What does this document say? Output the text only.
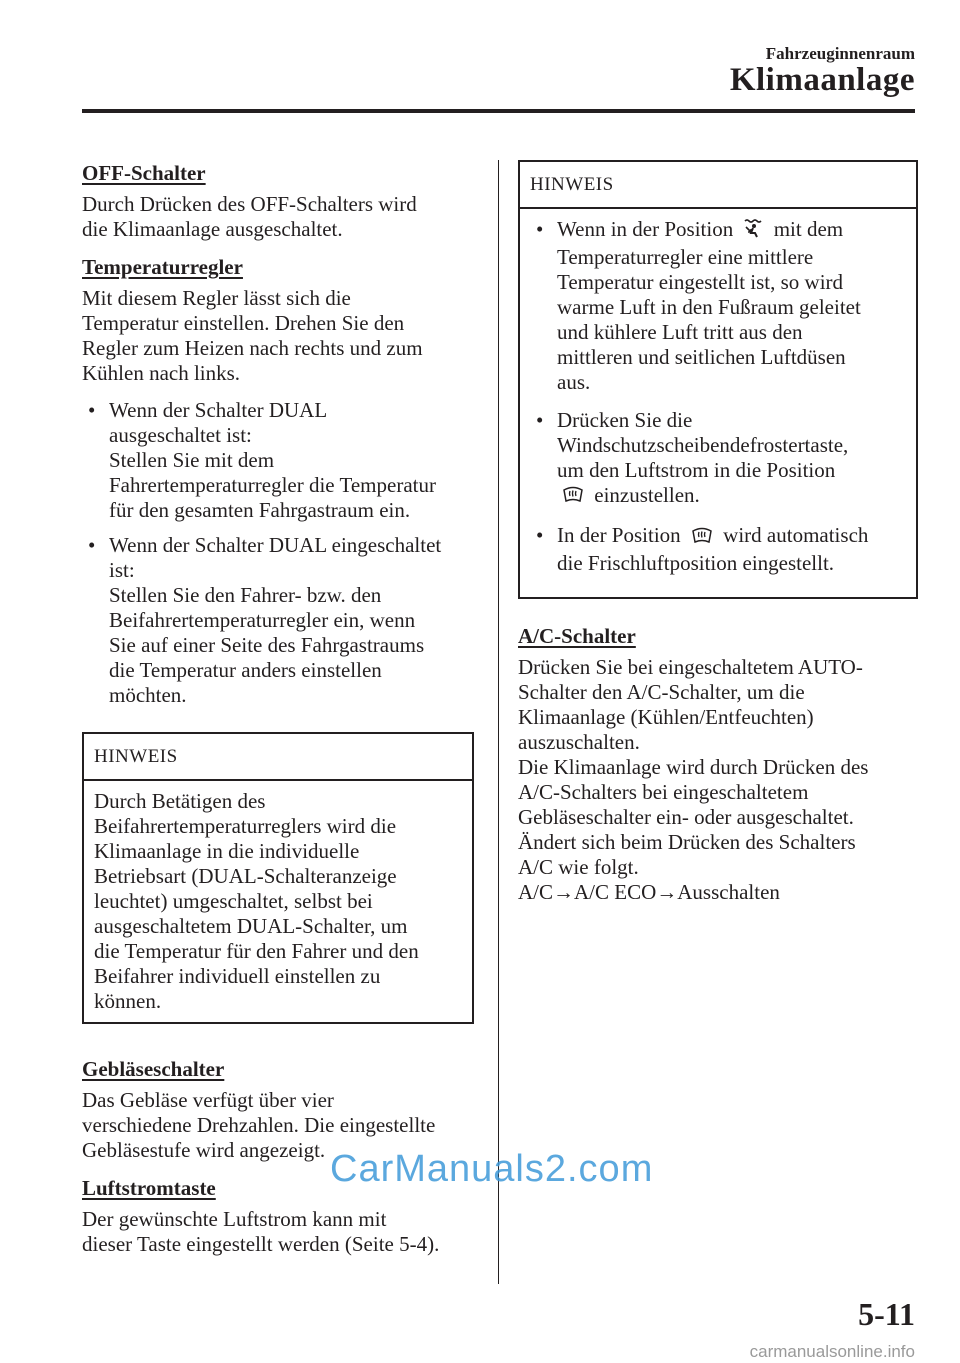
Fahrzeuginnenraum
Klimaanlage
OFF-Schalter

Durch Drücken des OFF-Schalters wird
die Klimaanlage ausgeschaltet.

Temperaturregler

Mit diesem Regler lässt sich die
Temperatur einstellen. Drehen Sie den
Regler zum Heizen nach rechts und zum
Kühlen nach links.

• Wenn der Schalter DUAL
ausgeschaltet ist:
Stellen Sie mit dem
Fahrertemperaturregler die Temperatur
für den gesamten Fahrgastraum ein.
• Wenn der Schalter DUAL eingeschaltet
ist:
Stellen Sie den Fahrer- bzw. den
Beifahrertemperaturregler ein, wenn
Sie auf einer Seite des Fahrgastraums
die Temperatur anders einstellen
möchten.
HINWEIS
Durch Betätigen des
Beifahrertemperaturreglers wird die
Klimaanlage in die individuelle
Betriebsart (DUAL-Schalteranzeige
leuchtet) umgeschaltet, selbst bei
ausgeschaltetem DUAL-Schalter, um
die Temperatur für den Fahrer und den
Beifahrer individuell einstellen zu
können.
Gebläseschalter

Das Gebläse verfügt über vier
verschiedene Drehzahlen. Die eingestellte
Gebläsestufe wird angezeigt.

Luftstromtaste

Der gewünschte Luftstrom kann mit
dieser Taste eingestellt werden (Seite 5-4).

HINWEIS
• Wenn in der Position mit dem
Temperaturregler eine mittlere
Temperatur eingestellt ist, so wird
warme Luft in den Fußraum geleitet
und kühlere Luft tritt aus den
mittleren und seitlichen Luftdüsen
aus.
• Drücken Sie die
Windschutzscheibendefrostertaste,
um den Luftstrom in die Position
einzustellen.
• In der Position wird automatisch
die Frischluftposition eingestellt.
A/C-Schalter

Drücken Sie bei eingeschaltetem AUTO-
Schalter den A/C-Schalter, um die
Klimaanlage (Kühlen/Entfeuchten)
auszuschalten.
Die Klimaanlage wird durch Drücken des
A/C-Schalters bei eingeschaltetem
Gebläseschalter ein- oder ausgeschaltet.
Ändert sich beim Drücken des Schalters
A/C wie folgt.
A/C→A/C ECO→Ausschalten

CarManuals2.com
5-11
carmanualsonline.info
